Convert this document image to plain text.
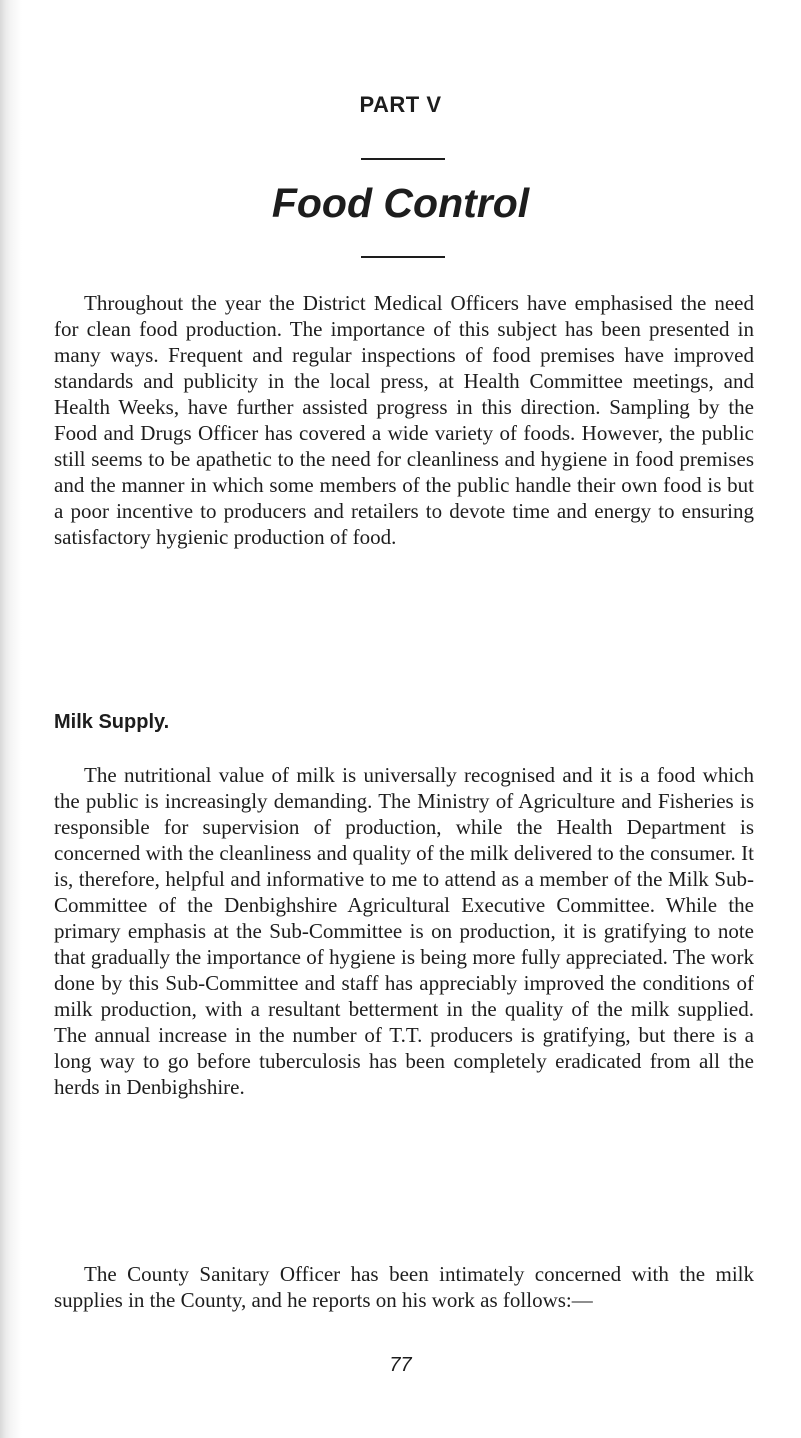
PART V
Food Control

Throughout the year the District Medical Officers have emphasised the need for clean food production. The importance of this subject has been presented in many ways. Frequent and regular inspections of food premises have improved standards and publicity in the local press, at Health Committee meetings, and Health Weeks, have further assisted progress in this direction. Sampling by the Food and Drugs Officer has covered a wide variety of foods. However, the public still seems to be apathetic to the need for cleanliness and hygiene in food premises and the manner in which some members of the public handle their own food is but a poor incentive to producers and retailers to devote time and energy to ensuring satisfactory hygienic production of food.

Milk Supply.

The nutritional value of milk is universally recognised and it is a food which the public is increasingly demanding. The Ministry of Agriculture and Fisheries is responsible for supervision of production, while the Health Department is concerned with the cleanliness and quality of the milk delivered to the consumer. It is, therefore, helpful and informative to me to attend as a member of the Milk Sub-Committee of the Denbighshire Agricultural Executive Committee. While the primary emphasis at the Sub-Committee is on production, it is gratifying to note that gradually the importance of hygiene is being more fully appreciated. The work done by this Sub-Committee and staff has appreciably improved the conditions of milk production, with a resultant betterment in the quality of the milk supplied. The annual increase in the number of T.T. producers is gratifying, but there is a long way to go before tuberculosis has been completely eradicated from all the herds in Denbighshire.

The County Sanitary Officer has been intimately concerned with the milk supplies in the County, and he reports on his work as follows:—

77
